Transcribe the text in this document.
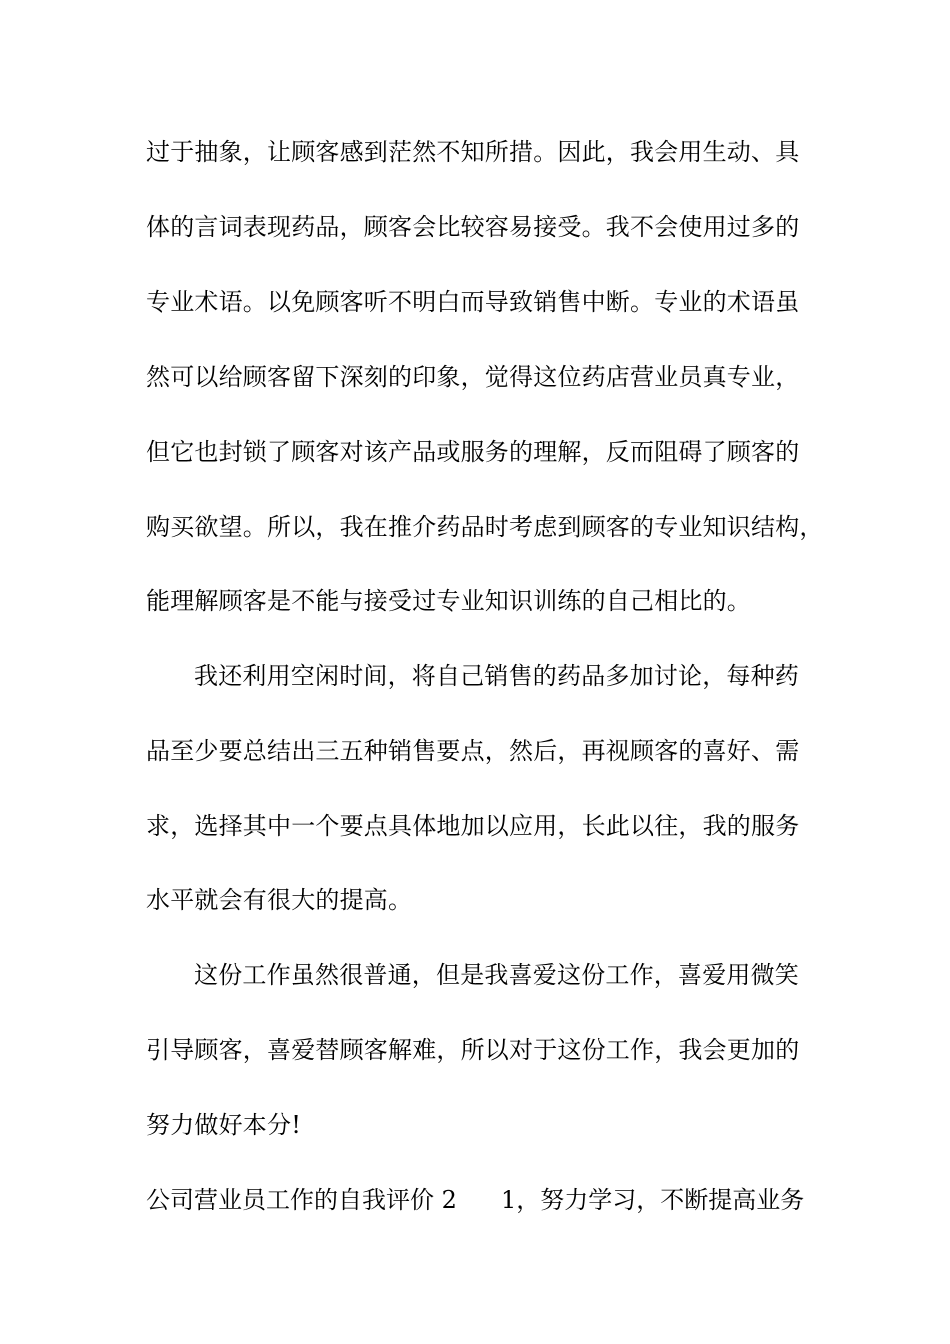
过于抽象，让顾客感到茫然不知所措。因此，我会用生动、具
体的言词表现药品，顾客会比较容易接受。我不会使用过多的
专业术语。以免顾客听不明白而导致销售中断。专业的术语虽
然可以给顾客留下深刻的印象，觉得这位药店营业员真专业，
但它也封锁了顾客对该产品或服务的理解，反而阻碍了顾客的
购买欲望。所以，我在推介药品时考虑到顾客的专业知识结构，
能理解顾客是不能与接受过专业知识训练的自己相比的。
我还利用空闲时间，将自己销售的药品多加讨论，每种药
品至少要总结出三五种销售要点，然后，再视顾客的喜好、需
求，选择其中一个要点具体地加以应用，长此以往，我的服务
水平就会有很大的提高。
这份工作虽然很普通，但是我喜爱这份工作，喜爱用微笑
引导顾客，喜爱替顾客解难，所以对于这份工作，我会更加的
努力做好本分!
公司营业员工作的自我评价 2 1，努力学习，不断提高业务
